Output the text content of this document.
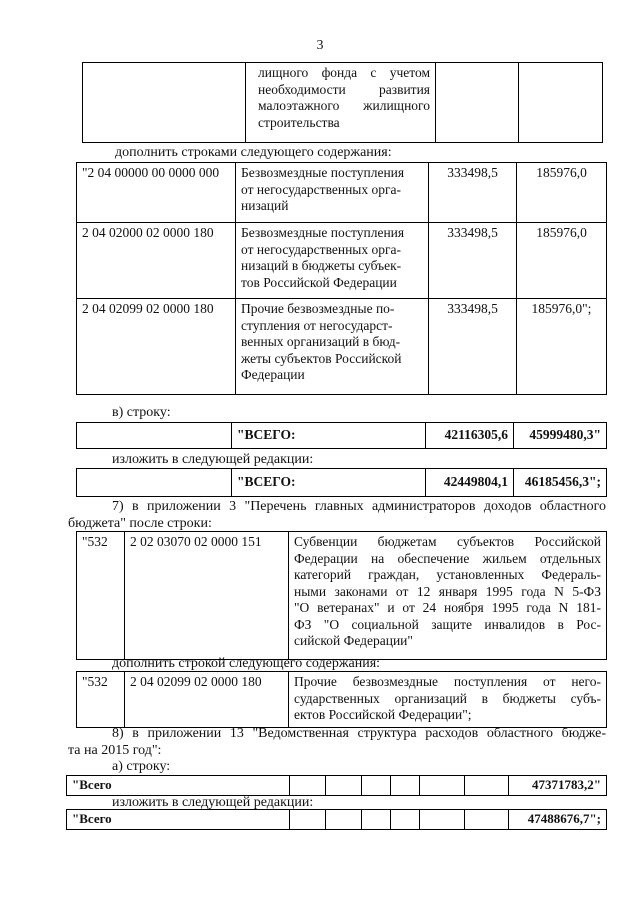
3

лищного фонда с учетом
необходимости развития
малоэтажного жилищного
строительства

дополнить строками следующего содержания:
"2 04 00000 00 0000 000	Безвозмездные поступления
от негосударственных орга-
низаций	333498,5	185976,0
2 04 02000 02 0000 180	Безвозмездные поступления
от негосударственных орга-
низаций в бюджеты субъек-
тов Российской Федерации	333498,5	185976,0
2 04 02099 02 0000 180	Прочие безвозмездные по-
ступления от негосударст-
венных организаций в бюд-
жеты субъектов Российской
Федерации	333498,5	185976,0";
в) строку:
	"ВСЕГО:	42116305,6	45999480,3"
изложить в следующей редакции:
	"ВСЕГО:	42449804,1	46185456,3";
7) в приложении 3 "Перечень главных администраторов доходов областного
бюджета" после строки:
"532	2 02 03070 02 0000 151	Субвенции бюджетам субъектов Российской
Федерации на обеспечение жильем отдельных
категорий граждан, установленных Федераль-
ными законами от 12 января 1995 года N 5-ФЗ
"О ветеранах" и от 24 ноября 1995 года N 181-
ФЗ "О социальной защите инвалидов в Рос-
сийской Федерации"
дополнить строкой следующего содержания:
"532	2 04 02099 02 0000 180	Прочие безвозмездные поступления от него-
сударственных организаций в бюджеты субъ-
ектов Российской Федерации";
8) в приложении 13 "Ведомственная структура расходов областного бюдже-
та на 2015 год":
а) строку:
"Всего							47371783,2"
изложить в следующей редакции:
"Всего							47488676,7";
